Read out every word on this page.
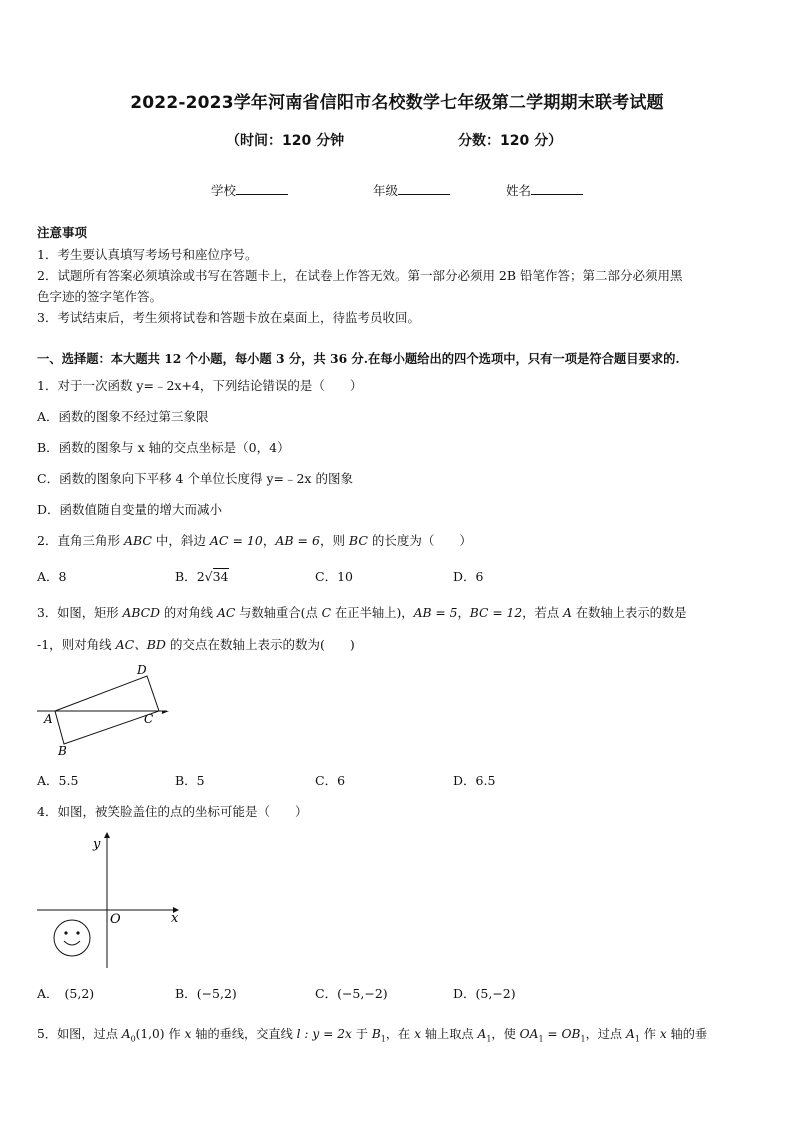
2022-2023学年河南省信阳市名校数学七年级第二学期期末联考试题
（时间：120 分钟	分数：120 分）
学校	年级	姓名
注意事项
1．考生要认真填写考场号和座位序号。
2．试题所有答案必须填涂或书写在答题卡上，在试卷上作答无效。第一部分必须用 2B 铅笔作答；第二部分必须用黑
色字迹的签字笔作答。
3．考试结束后，考生须将试卷和答题卡放在桌面上，待监考员收回。
一、选择题：本大题共 12 个小题，每小题 3 分，共 36 分.在每小题给出的四个选项中，只有一项是符合题目要求的.
1．对于一次函数 y=﹣2x+4，下列结论错误的是（　　）
A．函数的图象不经过第三象限
B．函数的图象与 x 轴的交点坐标是（0，4）
C．函数的图象向下平移 4 个单位长度得 y=﹣2x 的图象
D．函数值随自变量的增大而减小
2．直角三角形 ABC 中，斜边 AC = 10，AB = 6，则 BC 的长度为（　　）
A．8	B．2√34	C．10	D．6
3．如图，矩形 ABCD 的对角线 AC 与数轴重合(点 C 在正半轴上)，AB = 5，BC = 12，若点 A 在数轴上表示的数是
-1，则对角线 AC、BD 的交点在数轴上表示的数为(　　)
A
B
C
D
A．5.5	B．5	C．6	D．6.5
4．如图，被笑脸盖住的点的坐标可能是（　　）
y
x
O
A． (5,2)	B．(−5,2)	C．(−5,−2)	D．(5,−2)
5．如图，过点 $A_0(1,0)$ 作 x 轴的垂线，交直线 l : y = 2x 于 $B_1$，在 x 轴上取点 $A_1$，使 $OA_1 = OB_1$，过点 $A_1$ 作 x 轴的垂
